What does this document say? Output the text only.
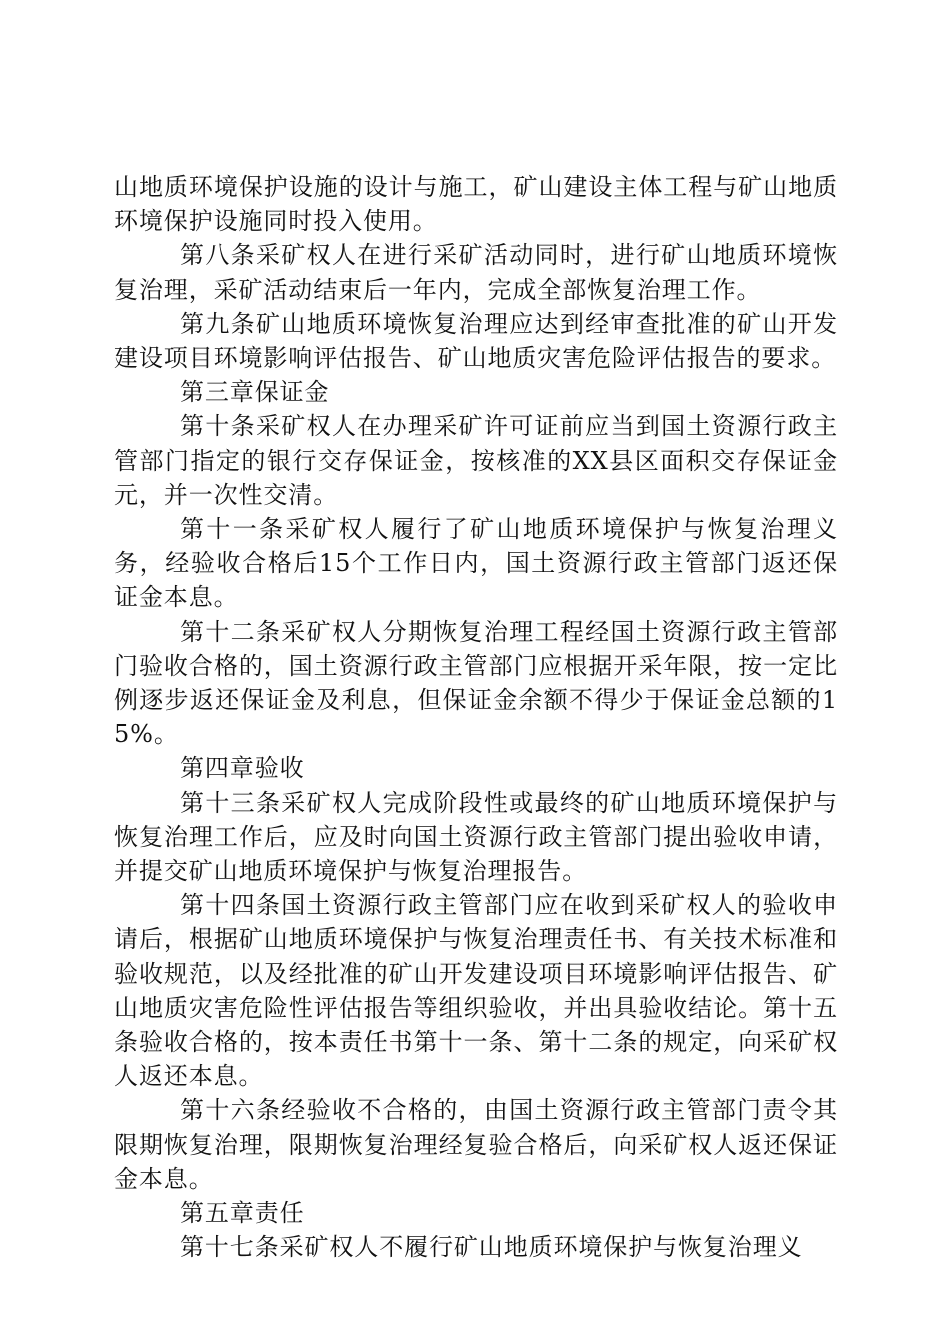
山地质环境保护设施的设计与施工，矿山建设主体工程与矿山地质环境保护设施同时投入使用。

第八条采矿权人在进行采矿活动同时，进行矿山地质环境恢复治理，采矿活动结束后一年内，完成全部恢复治理工作。

第九条矿山地质环境恢复治理应达到经审查批准的矿山开发建设项目环境影响评估报告、矿山地质灾害危险评估报告的要求。

第三章保证金

第十条采矿权人在办理采矿许可证前应当到国土资源行政主管部门指定的银行交存保证金，按核准的XX县区面积交存保证金元，并一次性交清。

第十一条采矿权人履行了矿山地质环境保护与恢复治理义务，经验收合格后15个工作日内，国土资源行政主管部门返还保证金本息。

第十二条采矿权人分期恢复治理工程经国土资源行政主管部门验收合格的，国土资源行政主管部门应根据开采年限，按一定比例逐步返还保证金及利息，但保证金余额不得少于保证金总额的15%。

第四章验收

第十三条采矿权人完成阶段性或最终的矿山地质环境保护与恢复治理工作后，应及时向国土资源行政主管部门提出验收申请，并提交矿山地质环境保护与恢复治理报告。

第十四条国土资源行政主管部门应在收到采矿权人的验收申请后，根据矿山地质环境保护与恢复治理责任书、有关技术标准和验收规范，以及经批准的矿山开发建设项目环境影响评估报告、矿山地质灾害危险性评估报告等组织验收，并出具验收结论。第十五条验收合格的，按本责任书第十一条、第十二条的规定，向采矿权人返还本息。

第十六条经验收不合格的，由国土资源行政主管部门责令其限期恢复治理，限期恢复治理经复验合格后，向采矿权人返还保证金本息。

第五章责任

第十七条采矿权人不履行矿山地质环境保护与恢复治理义
